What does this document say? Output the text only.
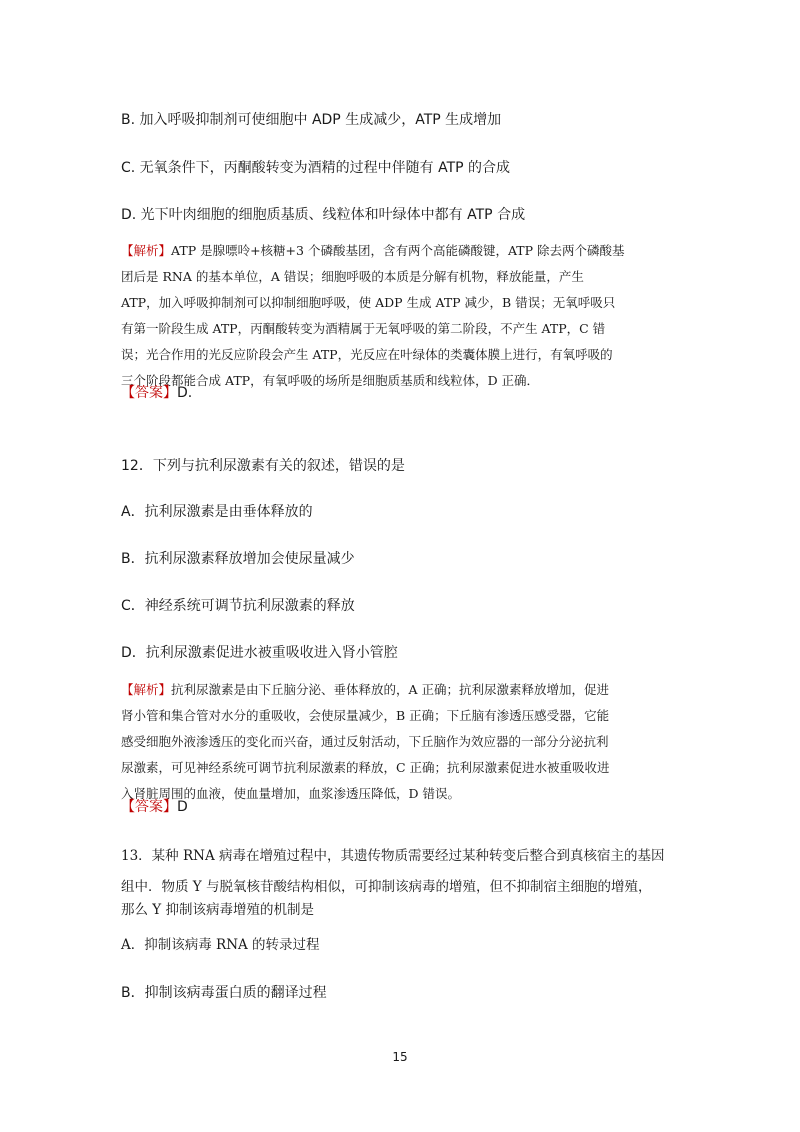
B. 加入呼吸抑制剂可使细胞中 ADP 生成减少，ATP 生成增加
C. 无氧条件下，丙酮酸转变为酒精的过程中伴随有 ATP 的合成
D. 光下叶肉细胞的细胞质基质、线粒体和叶绿体中都有 ATP 合成

【解析】ATP 是腺嘌呤+核糖+3 个磷酸基团，含有两个高能磷酸键，ATP 除去两个磷酸基

团后是 RNA 的基本单位，A 错误；细胞呼吸的本质是分解有机物，释放能量，产生

ATP，加入呼吸抑制剂可以抑制细胞呼吸，使 ADP 生成 ATP 减少，B 错误；无氧呼吸只

有第一阶段生成 ATP，丙酮酸转变为酒精属于无氧呼吸的第二阶段，不产生 ATP，C 错

误；光合作用的光反应阶段会产生 ATP，光反应在叶绿体的类囊体膜上进行，有氧呼吸的

三个阶段都能合成 ATP，有氧呼吸的场所是细胞质基质和线粒体，D 正确．

【答案】D.
12．下列与抗利尿激素有关的叙述，错误的是
A．抗利尿激素是由垂体释放的
B．抗利尿激素释放增加会使尿量减少
C．神经系统可调节抗利尿激素的释放
D．抗利尿激素促进水被重吸收进入肾小管腔

【解析】抗利尿激素是由下丘脑分泌、垂体释放的，A 正确；抗利尿激素释放增加，促进

肾小管和集合管对水分的重吸收，会使尿量减少，B 正确；下丘脑有渗透压感受器，它能

感受细胞外液渗透压的变化而兴奋，通过反射活动，下丘脑作为效应器的一部分分泌抗利

尿激素，可见神经系统可调节抗利尿激素的释放，C 正确；抗利尿激素促进水被重吸收进

入肾脏周围的血液，使血量增加，血浆渗透压降低，D 错误。

【答案】D
13．某种 RNA 病毒在增殖过程中，其遗传物质需要经过某种转变后整合到真核宿主的基因
组中．物质 Y 与脱氧核苷酸结构相似，可抑制该病毒的增殖，但不抑制宿主细胞的增殖，
那么 Y 抑制该病毒增殖的机制是
A．抑制该病毒 RNA 的转录过程
B．抑制该病毒蛋白质的翻译过程
15
